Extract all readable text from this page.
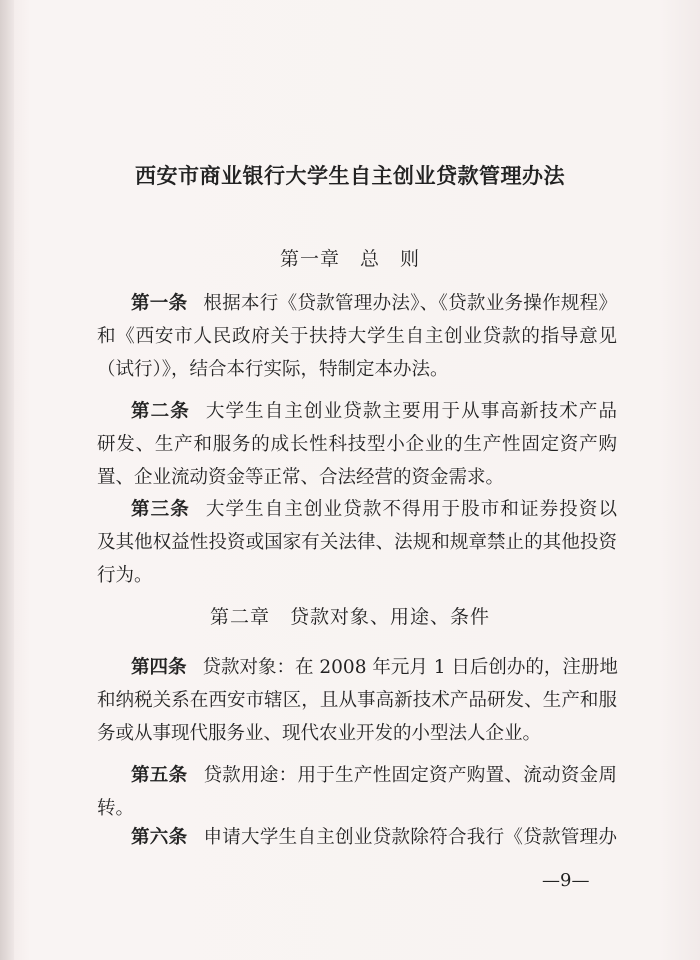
西安市商业银行大学生自主创业贷款管理办法
第一章　总　则
第一条 根据本行《贷款管理办法》、《贷款业务操作规程》
和《西安市人民政府关于扶持大学生自主创业贷款的指导意见
（试行）》，结合本行实际，特制定本办法。
第二条 大学生自主创业贷款主要用于从事高新技术产品
研发、生产和服务的成长性科技型小企业的生产性固定资产购
置、企业流动资金等正常、合法经营的资金需求。
第三条 大学生自主创业贷款不得用于股市和证券投资以
及其他权益性投资或国家有关法律、法规和规章禁止的其他投资
行为。
第二章　贷款对象、用途、条件
第四条 贷款对象：在 2008 年元月 1 日后创办的，注册地
和纳税关系在西安市辖区，且从事高新技术产品研发、生产和服
务或从事现代服务业、现代农业开发的小型法人企业。
第五条 贷款用途：用于生产性固定资产购置、流动资金周
转。
第六条 申请大学生自主创业贷款除符合我行《贷款管理办
—9—
